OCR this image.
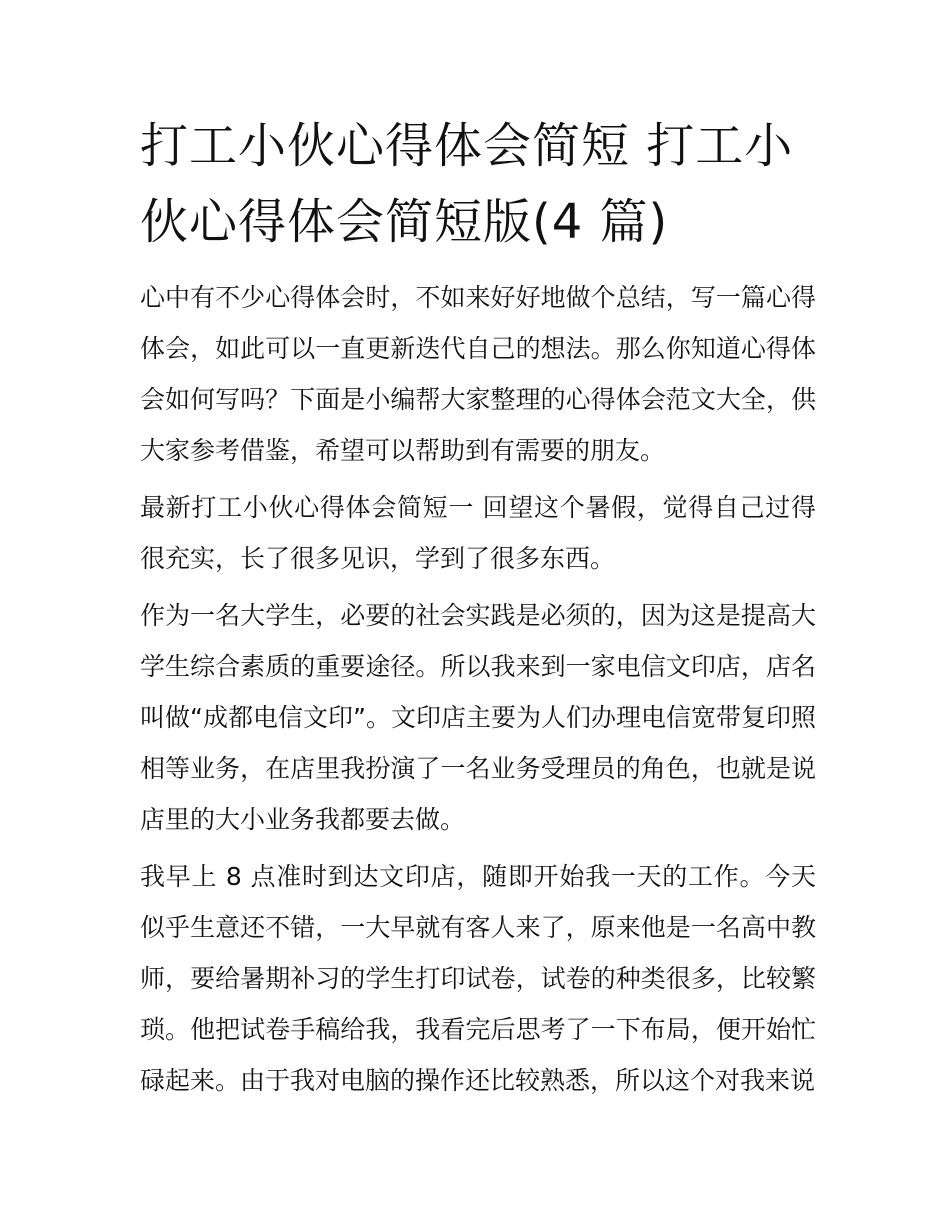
打工小伙心得体会简短 打工小伙心得体会简短版(4 篇)

心中有不少心得体会时，不如来好好地做个总结，写一篇心得体会，如此可以一直更新迭代自己的想法。那么你知道心得体会如何写吗？下面是小编帮大家整理的心得体会范文大全，供大家参考借鉴，希望可以帮助到有需要的朋友。

最新打工小伙心得体会简短一 回望这个暑假，觉得自己过得很充实，长了很多见识，学到了很多东西。

作为一名大学生，必要的社会实践是必须的，因为这是提高大学生综合素质的重要途径。所以我来到一家电信文印店，店名叫做“成都电信文印”。文印店主要为人们办理电信宽带复印照相等业务，在店里我扮演了一名业务受理员的角色，也就是说店里的大小业务我都要去做。

我早上 8 点准时到达文印店，随即开始我一天的工作。今天似乎生意还不错，一大早就有客人来了，原来他是一名高中教师，要给暑期补习的学生打印试卷，试卷的种类很多，比较繁琐。他把试卷手稿给我，我看完后思考了一下布局，便开始忙碌起来。由于我对电脑的操作还比较熟悉，所以这个对我来说
